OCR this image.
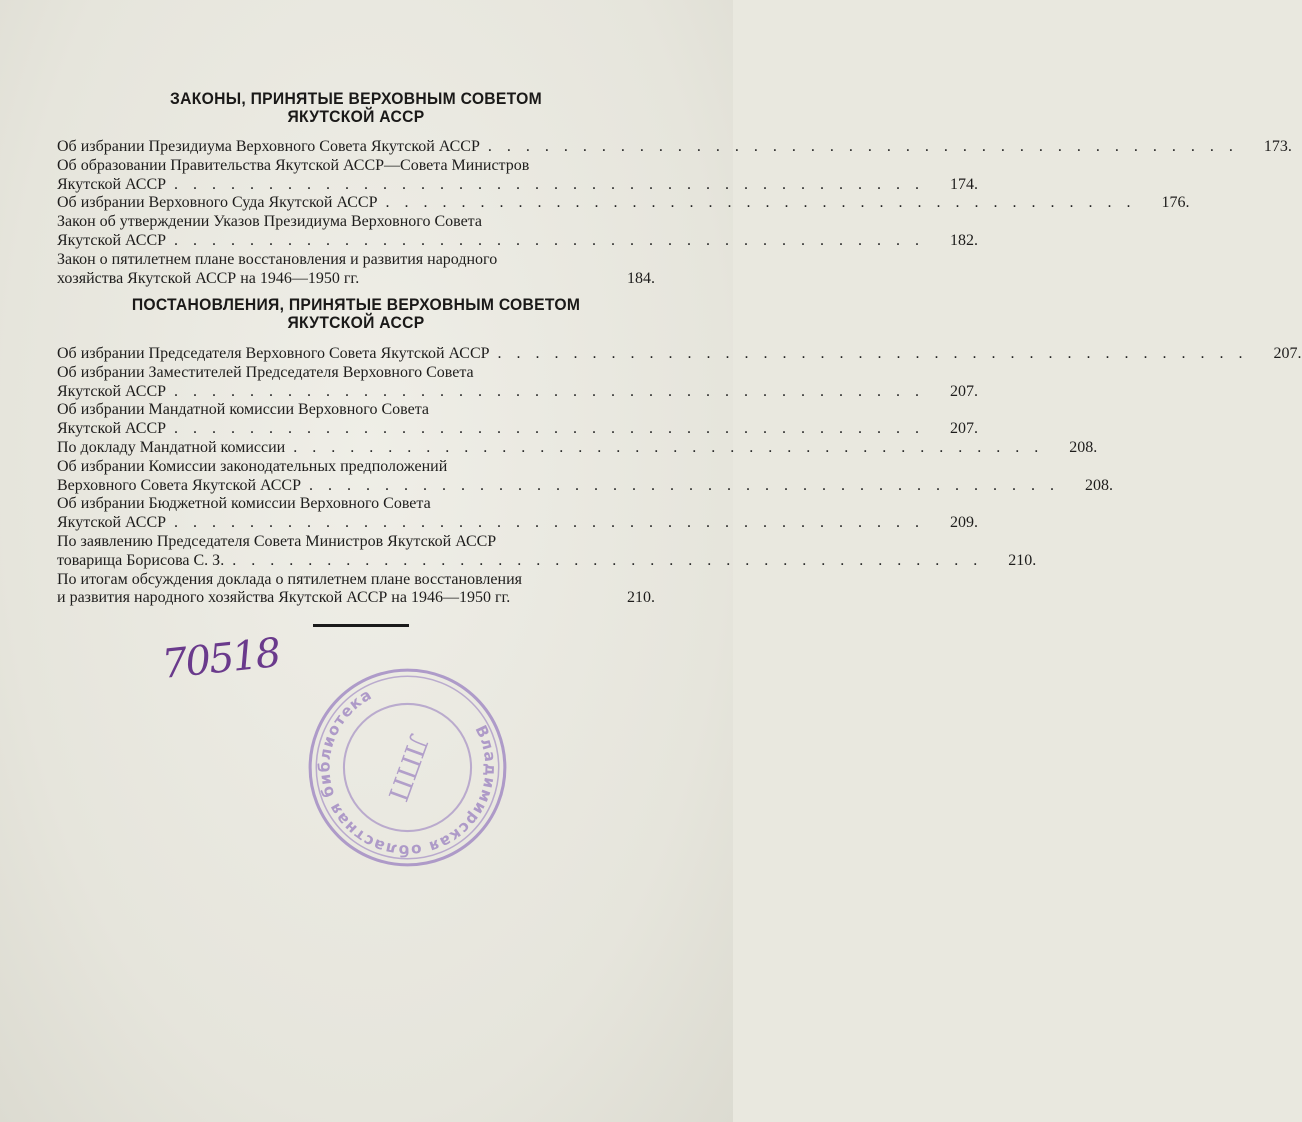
ЗАКОНЫ, ПРИНЯТЫЕ ВЕРХОВНЫМ СОВЕТОМ
ЯКУТСКОЙ АССР
Об избрании Президиума Верховного Совета Якутской АССР ........................................	173.
Об образовании Правительства Якутской АССР—Совета Министров
Якутской АССР ........................................	174.
Об избрании Верховного Суда Якутской АССР ........................................	176.
Закон об утверждении Указов Президиума Верховного Совета
Якутской АССР ........................................	182.
Закон о пятилетнем плане восстановления и развития народного
хозяйства Якутской АССР на 1946—1950 гг.	184.
ПОСТАНОВЛЕНИЯ, ПРИНЯТЫЕ ВЕРХОВНЫМ СОВЕТОМ
ЯКУТСКОЙ АССР
Об избрании Председателя Верховного Совета Якутской АССР ........................................	207.
Об избрании Заместителей Председателя Верховного Совета
Якутской АССР ........................................	207.
Об избрании Мандатной комиссии Верховного Совета
Якутской АССР ........................................	207.
По докладу Мандатной комиссии ........................................	208.
Об избрании Комиссии законодательных предположений
Верховного Совета Якутской АССР ........................................	208.
Об избрании Бюджетной комиссии Верховного Совета
Якутской АССР ........................................	209.
По заявлению Председателя Совета Министров Якутской АССР
товарища Борисова С. З. ........................................	210.
По итогам обсуждения доклада о пятилетнем плане восстановления
и развития народного хозяйства Якутской АССР на 1946—1950 гг.	210.
70518
Владимирская областная библиотека
ЛПП
